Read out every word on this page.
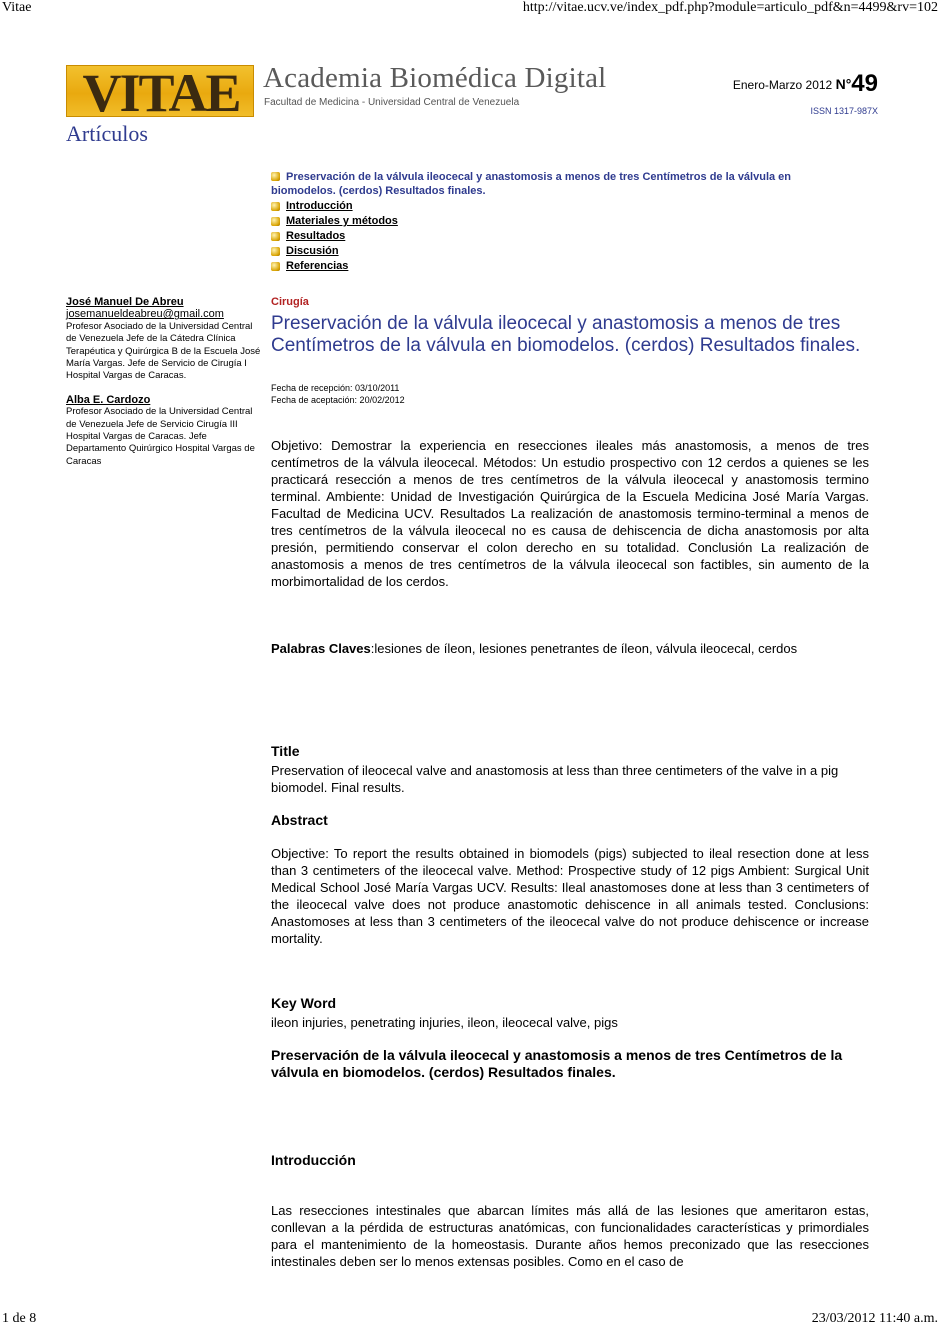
Vitae	http://vitae.ucv.ve/index_pdf.php?module=articulo_pdf&n=4499&rv=102
VITAE Academia Biomédica Digital
Facultad de Medicina - Universidad Central de Venezuela
Artículos
Enero-Marzo 2012 N°49
ISSN 1317-987X
Preservación de la válvula ileocecal y anastomosis a menos de tres Centímetros de la válvula en
biomodelos. (cerdos) Resultados finales.
Introducción
Materiales y métodos
Resultados
Discusión
Referencias
José Manuel De Abreu
josemanueldeabreu@gmail.com
Profesor Asociado de la Universidad Central de Venezuela Jefe de la Cátedra Clínica Terapéutica y Quirúrgica B de la Escuela José María Vargas. Jefe de Servicio de Cirugía I Hospital Vargas de Caracas.
Alba E. Cardozo
Profesor Asociado de la Universidad Central de Venezuela Jefe de Servicio Cirugía III Hospital Vargas de Caracas. Jefe Departamento Quirúrgico Hospital Vargas de Caracas
Cirugía
Preservación de la válvula ileocecal y anastomosis a menos de tres Centímetros de la válvula en biomodelos. (cerdos) Resultados finales.
Fecha de recepción: 03/10/2011
Fecha de aceptación: 20/02/2012
Objetivo: Demostrar la experiencia en resecciones ileales más anastomosis, a menos de tres centímetros de la válvula ileocecal. Métodos: Un estudio prospectivo con 12 cerdos a quienes se les practicará resección a menos de tres centímetros de la válvula ileocecal y anastomosis termino terminal. Ambiente: Unidad de Investigación Quirúrgica de la Escuela Medicina José María Vargas. Facultad de Medicina UCV. Resultados La realización de anastomosis termino-terminal a menos de tres centímetros de la válvula ileocecal no es causa de dehiscencia de dicha anastomosis por alta presión, permitiendo conservar el colon derecho en su totalidad. Conclusión La realización de anastomosis a menos de tres centímetros de la válvula ileocecal son factibles, sin aumento de la morbimortalidad de los cerdos.
Palabras Claves:lesiones de íleon, lesiones penetrantes de íleon, válvula ileocecal, cerdos
Title
Preservation of ileocecal valve and anastomosis at less than three centimeters of the valve in a pig biomodel. Final results.
Abstract
Objective: To report the results obtained in biomodels (pigs) subjected to ileal resection done at less than 3 centimeters of the ileocecal valve. Method: Prospective study of 12 pigs Ambient: Surgical Unit Medical School José María Vargas UCV. Results: Ileal anastomoses done at less than 3 centimeters of the ileocecal valve does not produce anastomotic dehiscence in all animals tested. Conclusions: Anastomoses at less than 3 centimeters of the ileocecal valve do not produce dehiscence or increase mortality.
Key Word
ileon injuries, penetrating injuries, ileon, ileocecal valve, pigs
Preservación de la válvula ileocecal y anastomosis a menos de tres Centímetros de la válvula en biomodelos. (cerdos) Resultados finales.
Introducción
Las resecciones intestinales que abarcan límites más allá de las lesiones que ameritaron estas, conllevan a la pérdida de estructuras anatómicas, con funcionalidades características y primordiales para el mantenimiento de la homeostasis. Durante años hemos preconizado que las resecciones intestinales deben ser lo menos extensas posibles. Como en el caso de
1 de 8	23/03/2012 11:40 a.m.
